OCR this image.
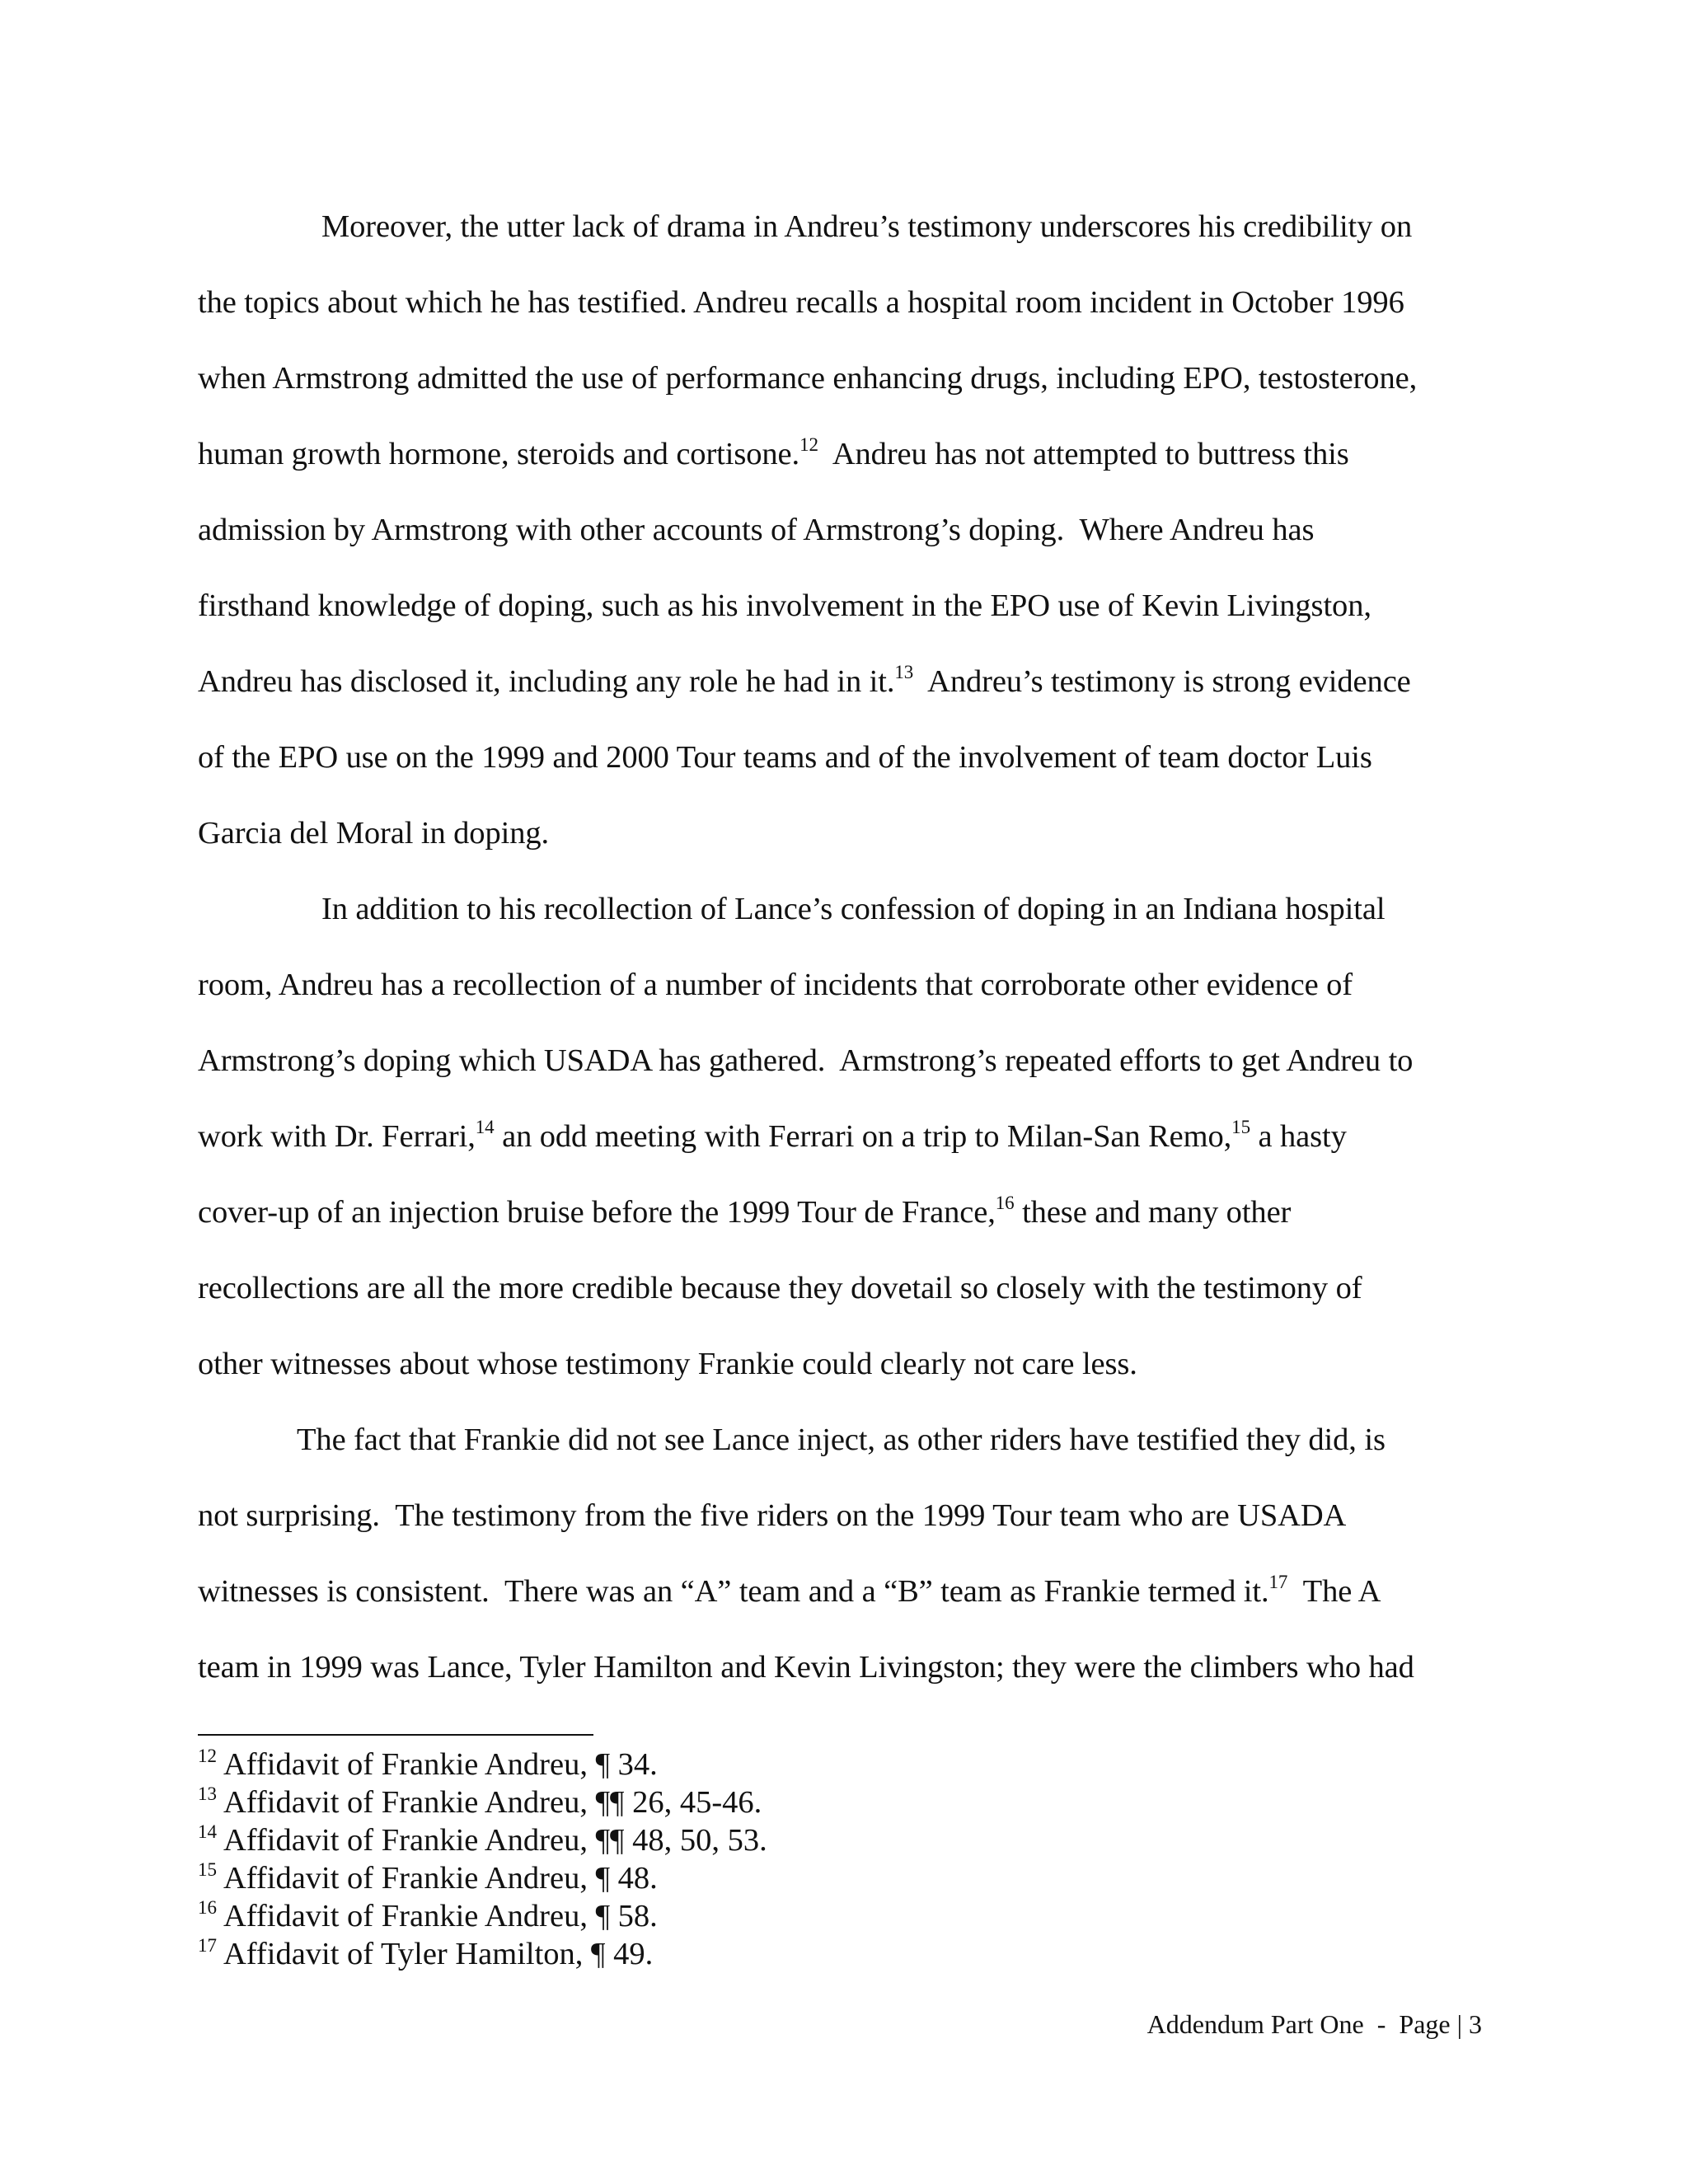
Moreover, the utter lack of drama in Andreu’s testimony underscores his credibility on
the topics about which he has testified. Andreu recalls a hospital room incident in October 1996
when Armstrong admitted the use of performance enhancing drugs, including EPO, testosterone,
human growth hormone, steroids and cortisone.$^{12}$  Andreu has not attempted to buttress this
admission by Armstrong with other accounts of Armstrong’s doping.  Where Andreu has
firsthand knowledge of doping, such as his involvement in the EPO use of Kevin Livingston,
Andreu has disclosed it, including any role he had in it.$^{13}$  Andreu’s testimony is strong evidence
of the EPO use on the 1999 and 2000 Tour teams and of the involvement of team doctor Luis
Garcia del Moral in doping.
In addition to his recollection of Lance’s confession of doping in an Indiana hospital
room, Andreu has a recollection of a number of incidents that corroborate other evidence of
Armstrong’s doping which USADA has gathered.  Armstrong’s repeated efforts to get Andreu to
work with Dr. Ferrari,$^{14}$ an odd meeting with Ferrari on a trip to Milan-San Remo,$^{15}$ a hasty
cover-up of an injection bruise before the 1999 Tour de France,$^{16}$ these and many other
recollections are all the more credible because they dovetail so closely with the testimony of
other witnesses about whose testimony Frankie could clearly not care less.
The fact that Frankie did not see Lance inject, as other riders have testified they did, is
not surprising.  The testimony from the five riders on the 1999 Tour team who are USADA
witnesses is consistent.  There was an “A” team and a “B” team as Frankie termed it.$^{17}$  The A
team in 1999 was Lance, Tyler Hamilton and Kevin Livingston; they were the climbers who had
$^{12}$ Affidavit of Frankie Andreu, ¶ 34.
$^{13}$ Affidavit of Frankie Andreu, ¶¶ 26, 45-46.
$^{14}$ Affidavit of Frankie Andreu, ¶¶ 48, 50, 53.
$^{15}$ Affidavit of Frankie Andreu, ¶ 48.
$^{16}$ Affidavit of Frankie Andreu, ¶ 58.
$^{17}$ Affidavit of Tyler Hamilton, ¶ 49.
Addendum Part One  -  Page | 3
